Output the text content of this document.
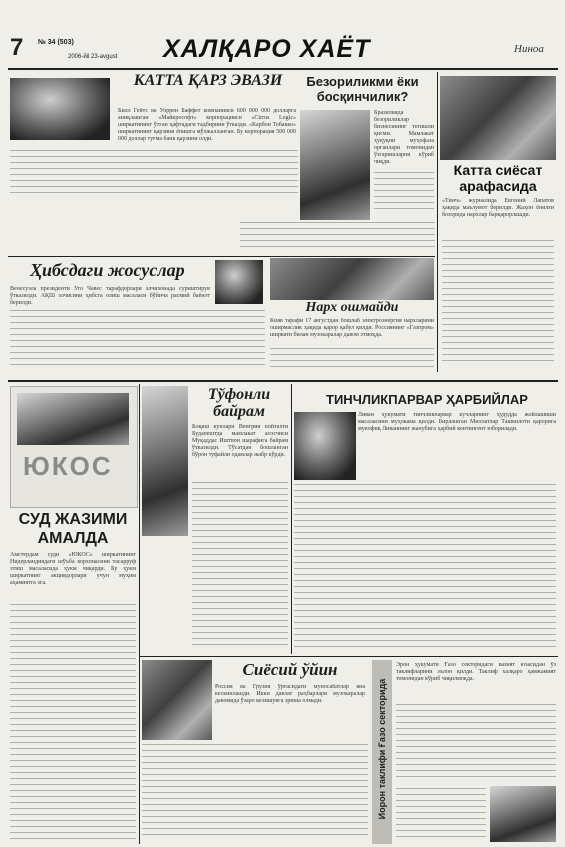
7 № 34 (503)
2006-йil 23-avgust ХАЛҚАРО ХАЁТ	Ниноа
КАТТА ҚАРЗ ЭВАЗИ
Билл Гейтс ва Уоррен Баффет компанияси 600 000 000 долларга аниқлашган «Майкрософт» корпорацияси «Cirrus Logic» ширкатининг ўтган ҳафтадаги тадбирини ўтказди. «Карбон Тобакко» ширкатининг қарзини ёпишга мўлжалланган. Бу корпорация 500 000 000 доллар туғма банк қарзини олди.
Безориликми ёки босқинчилик?
Бразилияда безориликлар бизнесининг тегишли қисми. Мамлакат ҳуқуқни муҳофаза органлари томонидан ўзгаришларни кўриб чиқди.	Катта сиёсат арафасида
«Тинч» журналида Евгений Лапатов ҳақида маълумот берилди. Жаҳон ёнилғи бозорида нархлар барқарорлашди.
Ҳибсдаги жосуслар
Венесуэла президенти Уго Чавес тарафдорлари элчихонада суриштирув ўтказилди. АҚШ элчисини ҳибсга олиш масаласи бўйича расмий баёнот берилди.	Нарх ошмайди
Кияв тарафи 17 августдан бошлаб электроэнергия нархларини оширмаслик ҳақида қарор қабул қилди. Россиянинг «Газпром» ширкати билан музокаралар давом этмоқда.
ЮКОС
СУД ЖАЗИМИ АМАЛДА
Амстердам суди «ЮКОС» ширкатининг Нидерландиядаги шўъба корхонасини тасарруф этиш масаласида ҳукм чиқарди. Бу ҳукм ширкатнинг акциядорлари учун муҳим аҳамиятга эга.
Тўфонли байрам
Боқиш кунлари Венгрия пойтахти Будапештда мамлакат асосчиси Муқаддас Иштвон шарафига байрам ўтказилди. Тўсатдан бошланган бўрон туфайли одамлар жабр кўрди.
ТИНЧЛИКПАРВАР ҲАРБИЙЛАР
Ливан ҳукумати тинчликпарвар кучларнинг ҳудудда жойлашиши масаласини муҳокама қилди. Бирлашган Миллатлар Ташкилоти қарорига мувофиқ Ливаннинг жанубига ҳарбий контингент юборилади.
Сиёсий ўйин
Россия ва Грузия ўртасидаги муносабатлар яна кескинлашди. Икки давлат раҳбарлари музокаралар давомида ўзаро келишувга эриша олмади.	Иорон таклифи Ғазо секторида
Эрон ҳукумати Ғазо секторидаги вазият юзасидан ўз таклифларини эълон қилди. Таклиф халқаро ҳамжамият томонидан кўриб чиқилмоқда.
